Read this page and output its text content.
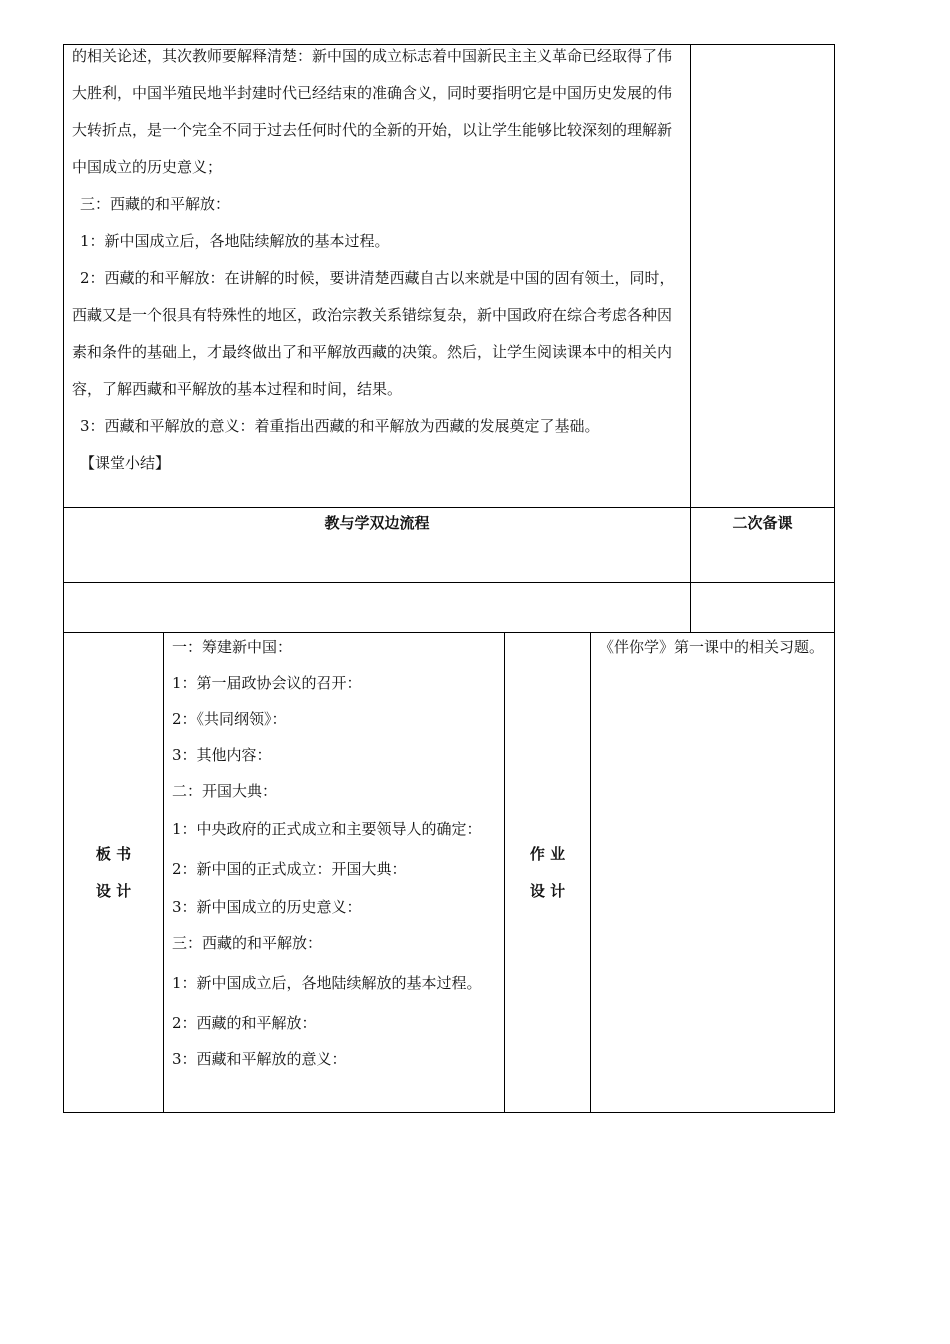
的相关论述，其次教师要解释清楚：新中国的成立标志着中国新民主主义革命已经取得了伟大胜利，中国半殖民地半封建时代已经结束的准确含义，同时要指明它是中国历史发展的伟大转折点，是一个完全不同于过去任何时代的全新的开始，以让学生能够比较深刻的理解新中国成立的历史意义；

三：西藏的和平解放：

1：新中国成立后，各地陆续解放的基本过程。

2：西藏的和平解放：在讲解的时候，要讲清楚西藏自古以来就是中国的固有领土，同时，西藏又是一个很具有特殊性的地区，政治宗教关系错综复杂，新中国政府在综合考虑各种因素和条件的基础上，才最终做出了和平解放西藏的决策。然后，让学生阅读课本中的相关内容，了解西藏和平解放的基本过程和时间，结果。

3：西藏和平解放的意义：着重指出西藏的和平解放为西藏的发展奠定了基础。

【课堂小结】

教与学双边流程	二次备课
板 书
设 计

一：筹建新中国：

1：第一届政协会议的召开：

2：《共同纲领》：

3：其他内容：

二：开国大典：

1：中央政府的正式成立和主要领导人的确定： 2：新中国的正式成立：开国大典：

3：新中国成立的历史意义：

三：西藏的和平解放：

1：新中国成立后，各地陆续解放的基本过程。

2：西藏的和平解放：

3：西藏和平解放的意义：

作 业
设 计
《伴你学》第一课中的相关习题。
